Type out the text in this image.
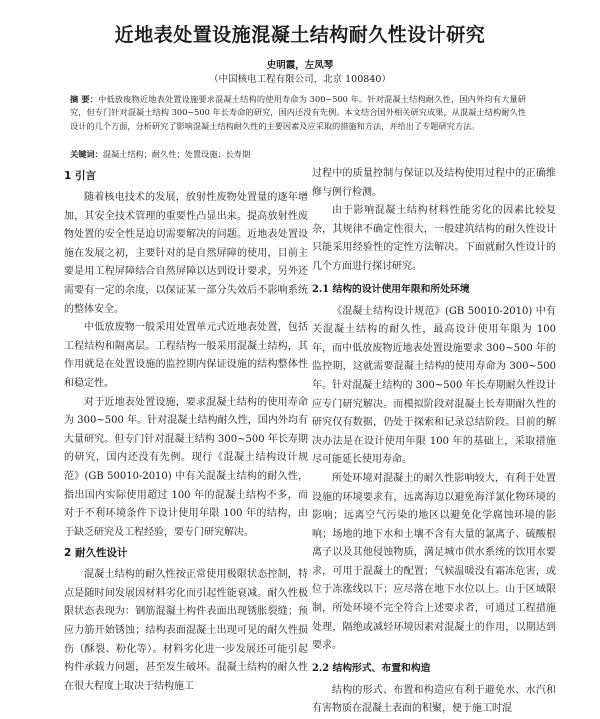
近地表处置设施混凝土结构耐久性设计研究
史明霞，左凤琴
（中国核电工程有限公司，北京 100840）
摘 要：中低放废物近地表处置设施要求混凝土结构的使用寿命为 300~500 年。针对混凝土结构耐久性，国内外均有大量研究，但专门针对混凝土结构 300~500 年长寿命的研究，国内还没有先例。本文结合国外相关研究成果，从混凝土结构耐久性设计的几个方面，分析研究了影响混凝土结构耐久性的主要因素及应采取的措施和方法，并给出了专题研究方法。
关键词：混凝土结构；耐久性；处置设施；长寿期
1 引言

随着核电技术的发展，放射性废物处置量的逐年增加，其安全技术管理的重要性凸显出来。提高放射性废物处置的安全性是迫切需要解决的问题。近地表处置设施在发展之初，主要针对的是自然屏障的使用，目前主要是用工程屏障结合自然屏障以达到设计要求，另外还需要有一定的余度，以保证某一部分失效后不影响系统的整体安全。

中低放废物一般采用处置单元式近地表处置，包括工程结构和隔离层。工程结构一般采用混凝土结构，其作用就是在处置设施的监控期内保证设施的结构整体性和稳定性。

对于近地表处置设施，要求混凝土结构的使用寿命为 300~500 年。针对混凝土结构耐久性，国内外均有大量研究。但专门针对混凝土结构 300~500 年长寿期的研究，国内还没有先例。现行《混凝土结构设计规范》(GB 50010-2010) 中有关混凝土结构的耐久性，指出国内实际使用超过 100 年的混凝土结构不多，而对于不利环境条件下设计使用年限 100 年的结构，由于缺乏研究及工程经验，要专门研究解决。

2 耐久性设计

混凝土结构的耐久性按正常使用极限状态控制，特点是随时间发展因材料劣化而引起性能衰减。耐久性极限状态表现为：钢筋混凝土构件表面出现锈胀裂缝；预应力筋开始锈蚀；结构表面混凝土出现可见的耐久性损伤（酥裂、粉化等）。材料劣化进一步发展还可能引起构件承载力问题，甚至发生破坏。混凝土结构的耐久性在很大程度上取决于结构施工

过程中的质量控制与保证以及结构使用过程中的正确维修与例行检测。

由于影响混凝土结构材料性能劣化的因素比较复杂，其规律不确定性很大，一般建筑结构的耐久性设计只能采用经验性的定性方法解决。下面就耐久性设计的几个方面进行探讨研究。

2.1 结构的设计使用年限和所处环境

《混凝土结构设计规范》(GB 50010-2010) 中有关混凝土结构的耐久性，最高设计使用年限为 100 年，而中低放废物近地表处置设施要求 300~500 年的监控期，这就需要混凝土结构的使用寿命为 300~500 年。针对混凝土结构的 300~500 年长寿期耐久性设计应专门研究解决。而模拟阶段对混凝土长寿期耐久性的研究仅有数据，仍处于探索和记录总结阶段。目前的解决办法是在设计使用年限 100 年的基础上，采取措施尽可能延长使用寿命。

所处环境对混凝土的耐久性影响较大，有利于处置设施的环境要求有，远离海边以避免海洋氯化物环境的影响；远离空气污染的地区以避免化学腐蚀环境的影响；场地的地下水和土壤不含有大量的氯离子、硫酸根离子以及其他侵蚀物质，满足城市供水系统的饮用水要求，可用于混凝土的配置；气候温暖没有霜冻危害，或位于冻涨线以下；应尽落在地下水位以上。山于区域限制，所处环境不完全符合上述要求者，可通过工程措施处理，隔绝或减轻环境因素对混凝土的作用，以期达到要求。

2.2 结构形式、布置和构造

结构的形式、布置和构造应有利于避免水、水汽和有害物质在混凝土表面的积聚，便于施工时混
